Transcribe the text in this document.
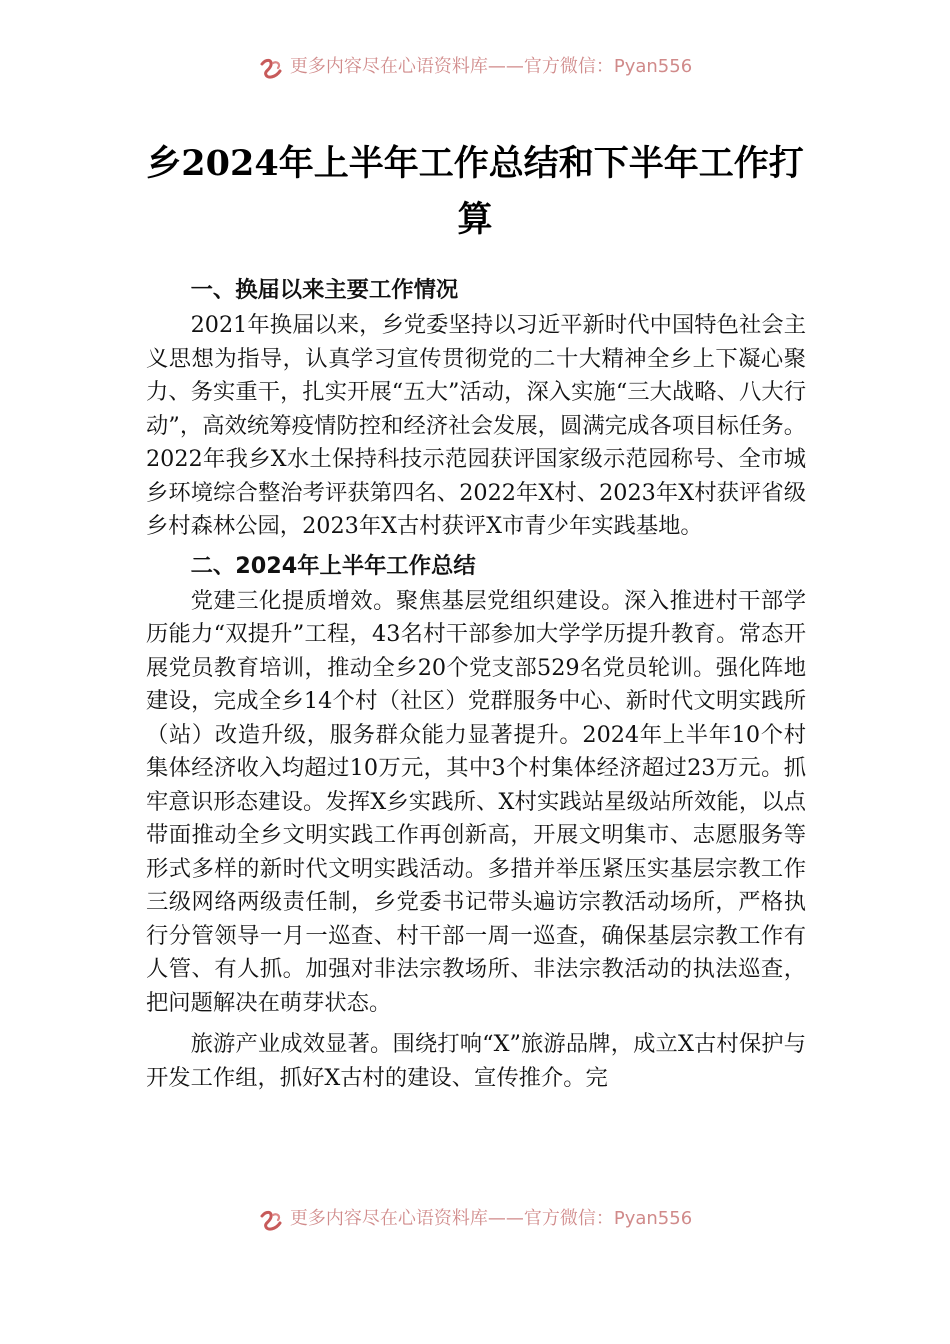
更多内容尽在心语资料库——官方微信：Pyan556
乡2024年上半年工作总结和下半年工作打算
一、换届以来主要工作情况

2021年换届以来，乡党委坚持以习近平新时代中国特色社会主义思想为指导，认真学习宣传贯彻党的二十大精神全乡上下凝心聚力、务实重干，扎实开展“五大”活动，深入实施“三大战略、八大行动”，高效统筹疫情防控和经济社会发展，圆满完成各项目标任务。2022年我乡X水土保持科技示范园获评国家级示范园称号、全市城乡环境综合整治考评获第四名、2022年X村、2023年X村获评省级乡村森林公园，2023年X古村获评X市青少年实践基地。

二、2024年上半年工作总结

党建三化提质增效。聚焦基层党组织建设。深入推进村干部学历能力“双提升”工程，43名村干部参加大学学历提升教育。常态开展党员教育培训，推动全乡20个党支部529名党员轮训。强化阵地建设，完成全乡14个村（社区）党群服务中心、新时代文明实践所（站）改造升级，服务群众能力显著提升。2024年上半年10个村集体经济收入均超过10万元，其中3个村集体经济超过23万元。抓牢意识形态建设。发挥X乡实践所、X村实践站星级站所效能，以点带面推动全乡文明实践工作再创新高，开展文明集市、志愿服务等形式多样的新时代文明实践活动。多措并举压紧压实基层宗教工作三级网络两级责任制，乡党委书记带头遍访宗教活动场所，严格执行分管领导一月一巡查、村干部一周一巡查，确保基层宗教工作有人管、有人抓。加强对非法宗教场所、非法宗教活动的执法巡查，把问题解决在萌芽状态。

旅游产业成效显著。围绕打响“X”旅游品牌，成立X古村保护与开发工作组，抓好X古村的建设、宣传推介。完

更多内容尽在心语资料库——官方微信：Pyan556
